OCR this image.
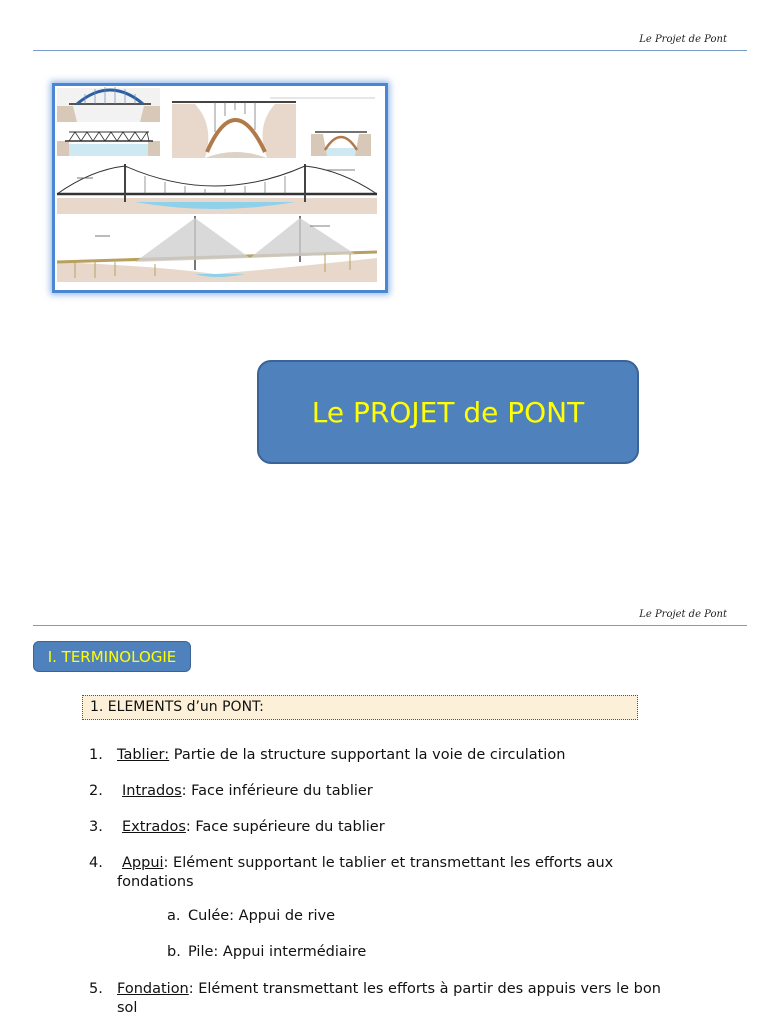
Le Projet de Pont
Le PROJET de PONT
Le Projet de Pont
I. TERMINOLOGIE
1. ELEMENTS d’un PONT:
1. Tablier: Partie de la structure supportant la voie de circulation
2. Intrados: Face inférieure du tablier
3. Extrados: Face supérieure du tablier
4.	Appui: Elément supportant le tablier et transmettant les efforts aux fondations
a. Culée: Appui de rive
b. Pile: Appui intermédiaire
5. Fondation: Elément transmettant les efforts à partir des appuis vers le bon sol
